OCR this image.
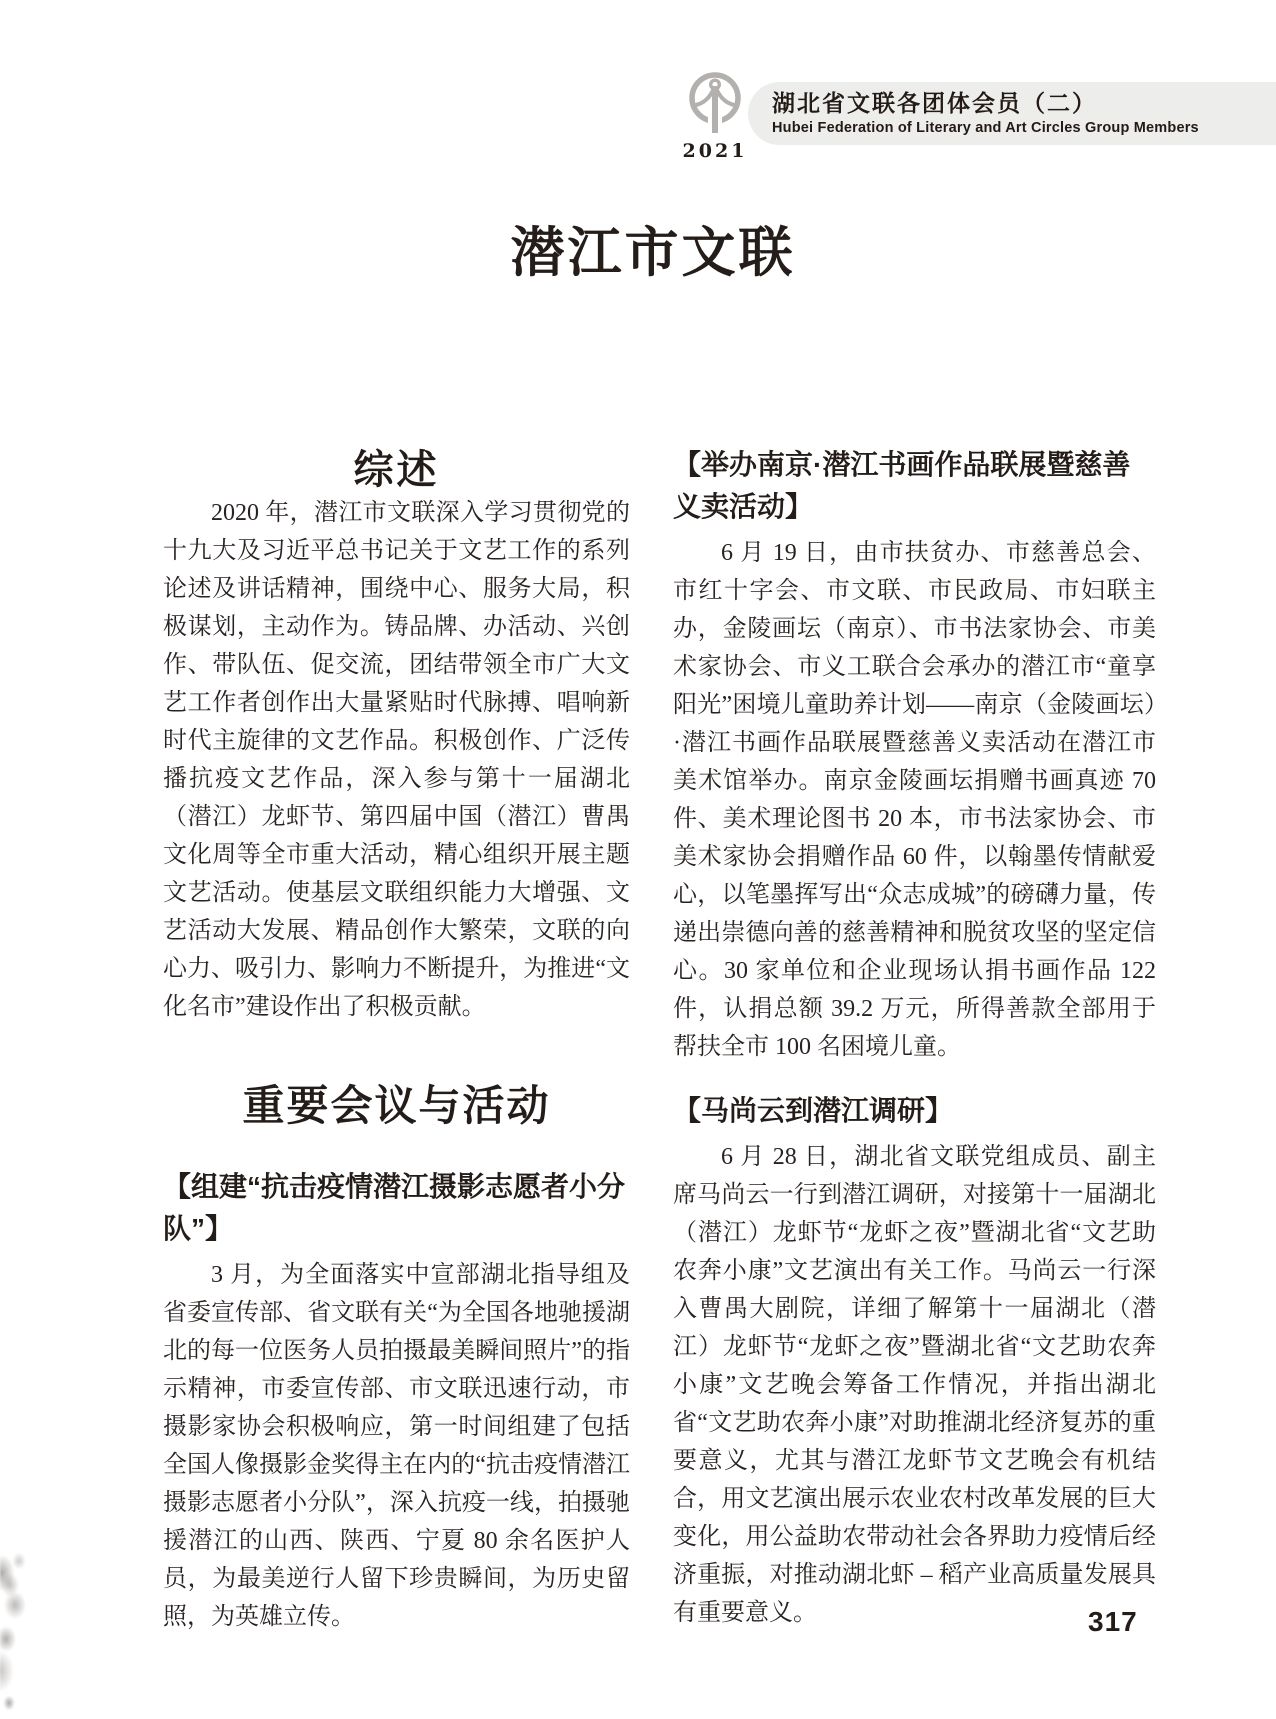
2021
湖北省文联各团体会员（二）
Hubei Federation of Literary and Art Circles Group Members
潜江市文联
综述

2020 年，潜江市文联深入学习贯彻党的十九大及习近平总书记关于文艺工作的系列论述及讲话精神，围绕中心、服务大局，积极谋划，主动作为。铸品牌、办活动、兴创作、带队伍、促交流，团结带领全市广大文艺工作者创作出大量紧贴时代脉搏、唱响新时代主旋律的文艺作品。积极创作、广泛传播抗疫文艺作品，深入参与第十一届湖北（潜江）龙虾节、第四届中国（潜江）曹禺文化周等全市重大活动，精心组织开展主题文艺活动。使基层文联组织能力大增强、文艺活动大发展、精品创作大繁荣，文联的向心力、吸引力、影响力不断提升，为推进“文化名市”建设作出了积极贡献。

重要会议与活动
【组建“抗击疫情潜江摄影志愿者小分队”】

3 月，为全面落实中宣部湖北指导组及省委宣传部、省文联有关“为全国各地驰援湖北的每一位医务人员拍摄最美瞬间照片”的指示精神，市委宣传部、市文联迅速行动，市摄影家协会积极响应，第一时间组建了包括全国人像摄影金奖得主在内的“抗击疫情潜江摄影志愿者小分队”，深入抗疫一线，拍摄驰援潜江的山西、陕西、宁夏 80 余名医护人员，为最美逆行人留下珍贵瞬间，为历史留照，为英雄立传。

【举办南京·潜江书画作品联展暨慈善义卖活动】

6 月 19 日，由市扶贫办、市慈善总会、市红十字会、市文联、市民政局、市妇联主办，金陵画坛（南京）、市书法家协会、市美术家协会、市义工联合会承办的潜江市“童享阳光”困境儿童助养计划——南京（金陵画坛）·潜江书画作品联展暨慈善义卖活动在潜江市美术馆举办。南京金陵画坛捐赠书画真迹 70 件、美术理论图书 20 本，市书法家协会、市美术家协会捐赠作品 60 件，以翰墨传情献爱心，以笔墨挥写出“众志成城”的磅礴力量，传递出崇德向善的慈善精神和脱贫攻坚的坚定信心。30 家单位和企业现场认捐书画作品 122 件，认捐总额 39.2 万元，所得善款全部用于帮扶全市 100 名困境儿童。

【马尚云到潜江调研】

6 月 28 日，湖北省文联党组成员、副主席马尚云一行到潜江调研，对接第十一届湖北（潜江）龙虾节“龙虾之夜”暨湖北省“文艺助农奔小康”文艺演出有关工作。马尚云一行深入曹禺大剧院，详细了解第十一届湖北（潜江）龙虾节“龙虾之夜”暨湖北省“文艺助农奔小康”文艺晚会筹备工作情况，并指出湖北省“文艺助农奔小康”对助推湖北经济复苏的重要意义，尤其与潜江龙虾节文艺晚会有机结合，用文艺演出展示农业农村改革发展的巨大变化，用公益助农带动社会各界助力疫情后经济重振，对推动湖北虾 – 稻产业高质量发展具有重要意义。	317
